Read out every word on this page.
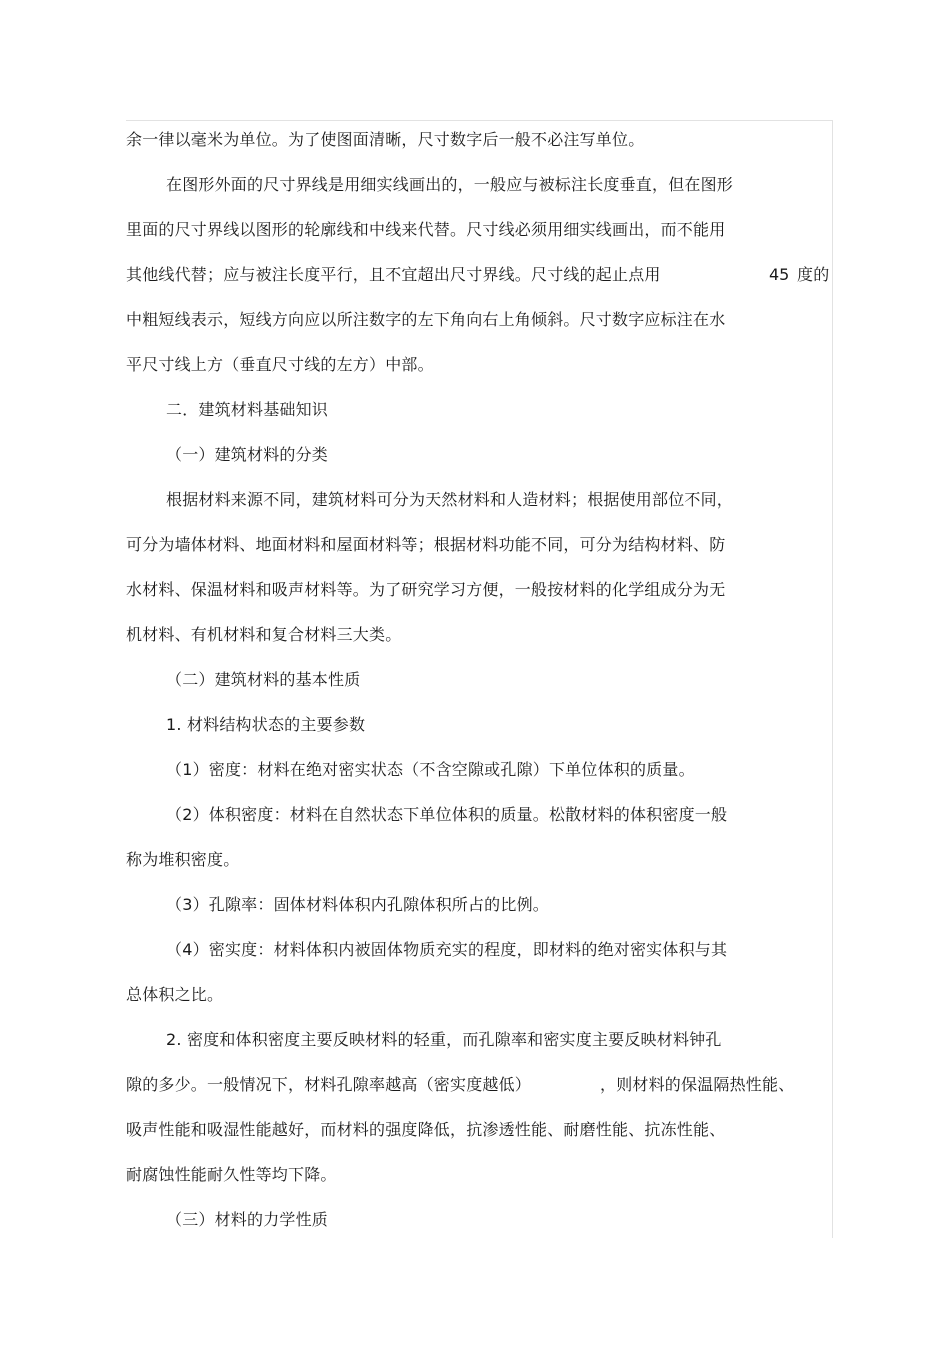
余一律以毫米为单位。为了使图面清晰，尺寸数字后一般不必注写单位。
在图形外面的尺寸界线是用细实线画出的，一般应与被标注长度垂直，但在图形
里面的尺寸界线以图形的轮廓线和中线来代替。尺寸线必须用细实线画出，而不能用
其他线代替；应与被注长度平行，且不宜超出尺寸界线。尺寸线的起止点用	45 度的
中粗短线表示，短线方向应以所注数字的左下角向右上角倾斜。尺寸数字应标注在水
平尺寸线上方（垂直尺寸线的左方）中部。
二．建筑材料基础知识
（一）建筑材料的分类
根据材料来源不同，建筑材料可分为天然材料和人造材料；根据使用部位不同，
可分为墙体材料、地面材料和屋面材料等；根据材料功能不同，可分为结构材料、防
水材料、保温材料和吸声材料等。为了研究学习方便，一般按材料的化学组成分为无
机材料、有机材料和复合材料三大类。
（二）建筑材料的基本性质
1. 材料结构状态的主要参数
（1）密度：材料在绝对密实状态（不含空隙或孔隙）下单位体积的质量。
（2）体积密度：材料在自然状态下单位体积的质量。松散材料的体积密度一般
称为堆积密度。
（3）孔隙率：固体材料体积内孔隙体积所占的比例。
（4）密实度：材料体积内被固体物质充实的程度，即材料的绝对密实体积与其
总体积之比。
2. 密度和体积密度主要反映材料的轻重，而孔隙率和密实度主要反映材料钟孔
隙的多少。一般情况下，材料孔隙率越高（密实度越低）	，则材料的保温隔热性能、
吸声性能和吸湿性能越好，而材料的强度降低，抗渗透性能、耐磨性能、抗冻性能、
耐腐蚀性能耐久性等均下降。
（三）材料的力学性质
